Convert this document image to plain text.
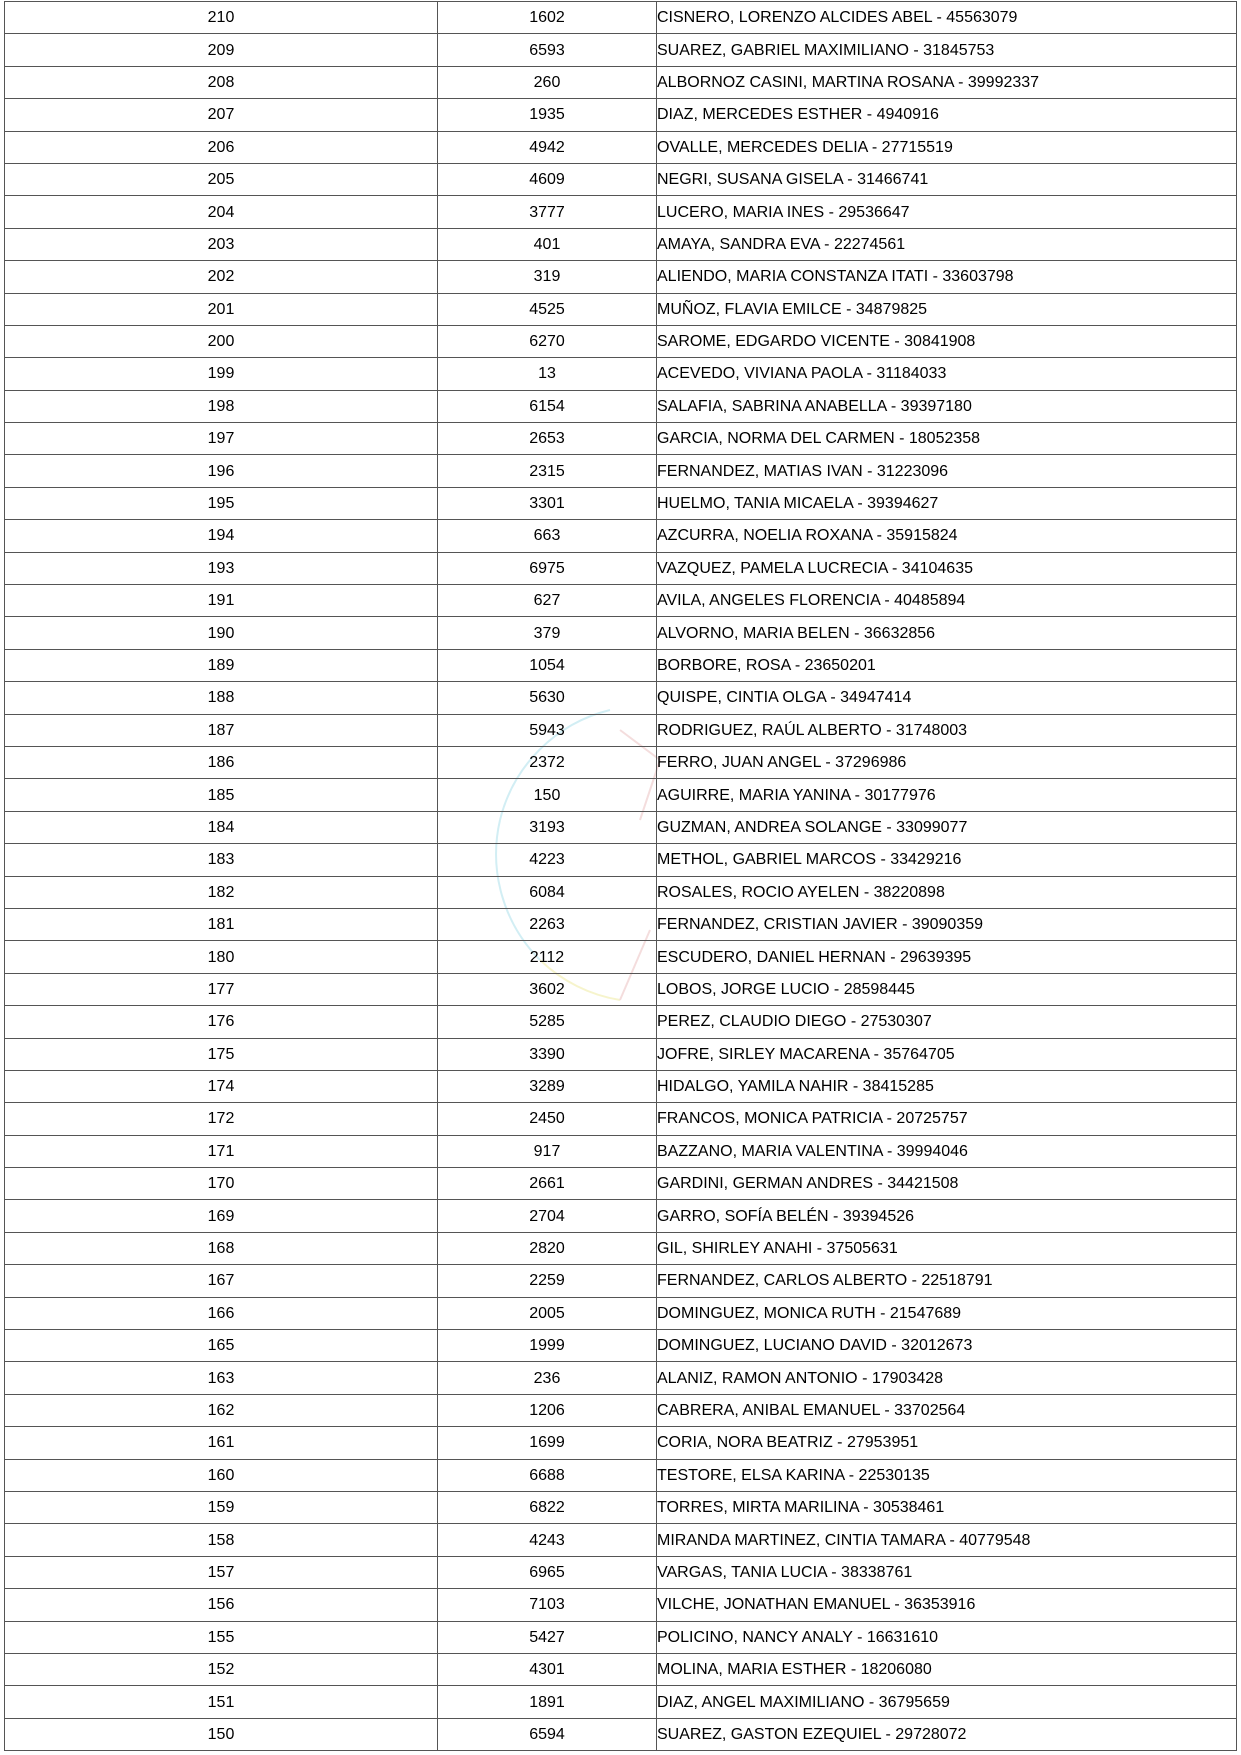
210	1602	CISNERO, LORENZO ALCIDES ABEL - 45563079
209	6593	SUAREZ, GABRIEL MAXIMILIANO - 31845753
208	260	ALBORNOZ CASINI, MARTINA ROSANA - 39992337
207	1935	DIAZ, MERCEDES ESTHER - 4940916
206	4942	OVALLE, MERCEDES DELIA - 27715519
205	4609	NEGRI, SUSANA GISELA - 31466741
204	3777	LUCERO, MARIA INES - 29536647
203	401	AMAYA, SANDRA EVA - 22274561
202	319	ALIENDO, MARIA CONSTANZA ITATI - 33603798
201	4525	MUÑOZ, FLAVIA EMILCE - 34879825
200	6270	SAROME, EDGARDO VICENTE - 30841908
199	13	ACEVEDO, VIVIANA PAOLA - 31184033
198	6154	SALAFIA, SABRINA ANABELLA - 39397180
197	2653	GARCIA, NORMA DEL CARMEN - 18052358
196	2315	FERNANDEZ, MATIAS IVAN - 31223096
195	3301	HUELMO, TANIA MICAELA - 39394627
194	663	AZCURRA, NOELIA ROXANA - 35915824
193	6975	VAZQUEZ, PAMELA LUCRECIA - 34104635
191	627	AVILA, ANGELES FLORENCIA - 40485894
190	379	ALVORNO, MARIA BELEN - 36632856
189	1054	BORBORE, ROSA - 23650201
188	5630	QUISPE, CINTIA OLGA - 34947414
187	5943	RODRIGUEZ, RAÚL ALBERTO - 31748003
186	2372	FERRO, JUAN ANGEL - 37296986
185	150	AGUIRRE, MARIA YANINA - 30177976
184	3193	GUZMAN, ANDREA SOLANGE - 33099077
183	4223	METHOL, GABRIEL MARCOS - 33429216
182	6084	ROSALES, ROCIO AYELEN - 38220898
181	2263	FERNANDEZ, CRISTIAN JAVIER - 39090359
180	2112	ESCUDERO, DANIEL HERNAN - 29639395
177	3602	LOBOS, JORGE LUCIO - 28598445
176	5285	PEREZ, CLAUDIO DIEGO - 27530307
175	3390	JOFRE, SIRLEY MACARENA - 35764705
174	3289	HIDALGO, YAMILA NAHIR - 38415285
172	2450	FRANCOS, MONICA PATRICIA - 20725757
171	917	BAZZANO, MARIA VALENTINA - 39994046
170	2661	GARDINI, GERMAN ANDRES - 34421508
169	2704	GARRO, SOFÍA BELÉN - 39394526
168	2820	GIL, SHIRLEY ANAHI - 37505631
167	2259	FERNANDEZ, CARLOS ALBERTO - 22518791
166	2005	DOMINGUEZ, MONICA RUTH - 21547689
165	1999	DOMINGUEZ, LUCIANO DAVID - 32012673
163	236	ALANIZ, RAMON ANTONIO - 17903428
162	1206	CABRERA, ANIBAL EMANUEL - 33702564
161	1699	CORIA, NORA BEATRIZ - 27953951
160	6688	TESTORE, ELSA KARINA - 22530135
159	6822	TORRES, MIRTA MARILINA - 30538461
158	4243	MIRANDA MARTINEZ, CINTIA TAMARA - 40779548
157	6965	VARGAS, TANIA LUCIA - 38338761
156	7103	VILCHE, JONATHAN EMANUEL - 36353916
155	5427	POLICINO, NANCY ANALY - 16631610
152	4301	MOLINA, MARIA ESTHER - 18206080
151	1891	DIAZ, ANGEL MAXIMILIANO - 36795659
150	6594	SUAREZ, GASTON EZEQUIEL - 29728072
